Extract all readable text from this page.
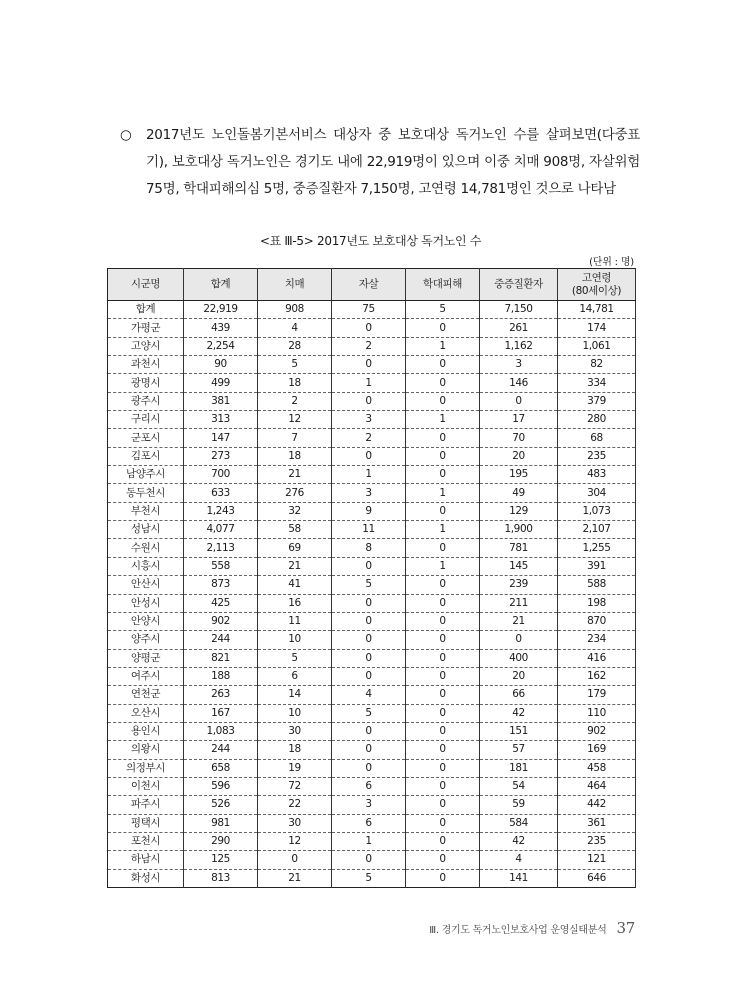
○ 2017년도 노인돌봄기본서비스 대상자 중 보호대상 독거노인 수를 살펴보면(다중표기), 보호대상 독거노인은 경기도 내에 22,919명이 있으며 이중 치매 908명, 자살위험 75명, 학대피해의심 5명, 중증질환자 7,150명, 고연령 14,781명인 것으로 나타남
<표 Ⅲ-5> 2017년도 보호대상 독거노인 수
(단위 : 명)
시군명	합계	치매	자살	학대피해	중증질환자	고연령
(80세이상)
합계	22,919	908	75	5	7,150	14,781
가평군	439	4	0	0	261	174
고양시	2,254	28	2	1	1,162	1,061
과천시	90	5	0	0	3	82
광명시	499	18	1	0	146	334
광주시	381	2	0	0	0	379
구리시	313	12	3	1	17	280
군포시	147	7	2	0	70	68
김포시	273	18	0	0	20	235
남양주시	700	21	1	0	195	483
동두천시	633	276	3	1	49	304
부천시	1,243	32	9	0	129	1,073
성남시	4,077	58	11	1	1,900	2,107
수원시	2,113	69	8	0	781	1,255
시흥시	558	21	0	1	145	391
안산시	873	41	5	0	239	588
안성시	425	16	0	0	211	198
안양시	902	11	0	0	21	870
양주시	244	10	0	0	0	234
양평군	821	5	0	0	400	416
여주시	188	6	0	0	20	162
연천군	263	14	4	0	66	179
오산시	167	10	5	0	42	110
용인시	1,083	30	0	0	151	902
의왕시	244	18	0	0	57	169
의정부시	658	19	0	0	181	458
이천시	596	72	6	0	54	464
파주시	526	22	3	0	59	442
평택시	981	30	6	0	584	361
포천시	290	12	1	0	42	235
하남시	125	0	0	0	4	121
화성시	813	21	5	0	141	646
Ⅲ. 경기도 독거노인보호사업 운영실태분석 37
